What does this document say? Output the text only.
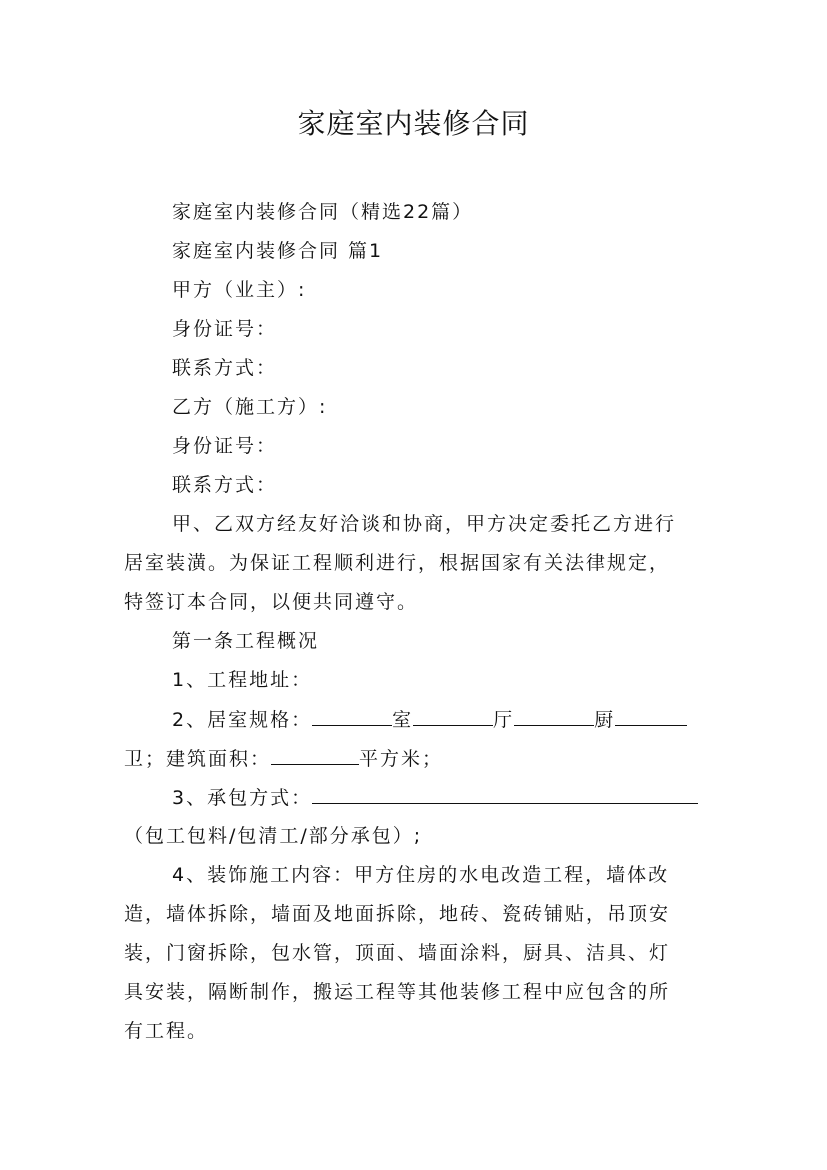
家庭室内装修合同
家庭室内装修合同（精选22篇）
家庭室内装修合同 篇1
甲方（业主）:
身份证号：
联系方式：
乙方（施工方）:
身份证号：
联系方式：
甲、乙双方经友好洽谈和协商，甲方决定委托乙方进行
居室装潢。为保证工程顺利进行，根据国家有关法律规定，
特签订本合同，以便共同遵守。
第一条工程概况
1、工程地址：
2、居室规格：	室	厅	厨
卫；建筑面积：	平方米；
3、承包方式：
（包工包料/包清工/部分承包）;
4、装饰施工内容：甲方住房的水电改造工程，墙体改
造，墙体拆除，墙面及地面拆除，地砖、瓷砖铺贴，吊顶安
装，门窗拆除，包水管，顶面、墙面涂料，厨具、洁具、灯
具安装，隔断制作，搬运工程等其他装修工程中应包含的所
有工程。
